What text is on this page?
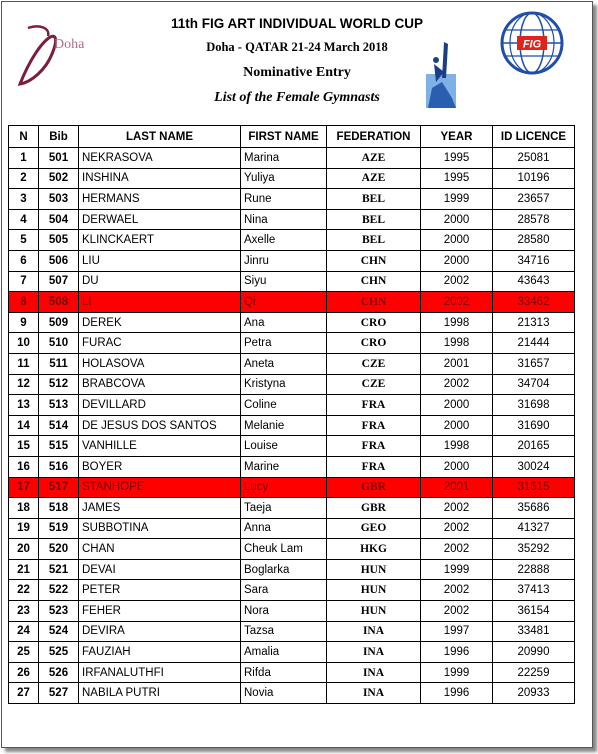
Doha	FIG
11th FIG ART INDIVIDUAL WORLD CUP
Doha - QATAR 21-24 March 2018
Nominative Entry
List of the Female Gymnasts
N	Bib	LAST NAME	FIRST NAME	FEDERATION	YEAR	ID LICENCE
1	501	NEKRASOVA	Marina	AZE	1995	25081
2	502	INSHINA	Yuliya	AZE	1995	10196
3	503	HERMANS	Rune	BEL	1999	23657
4	504	DERWAEL	Nina	BEL	2000	28578
5	505	KLINCKAERT	Axelle	BEL	2000	28580
6	506	LIU	Jinru	CHN	2000	34716
7	507	DU	Siyu	CHN	2002	43643
8	508	LI	Qi	CHN	2002	33462
9	509	DEREK	Ana	CRO	1998	21313
10	510	FURAC	Petra	CRO	1998	21444
11	511	HOLASOVA	Aneta	CZE	2001	31657
12	512	BRABCOVA	Kristyna	CZE	2002	34704
13	513	DEVILLARD	Coline	FRA	2000	31698
14	514	DE JESUS DOS SANTOS	Melanie	FRA	2000	31690
15	515	VANHILLE	Louise	FRA	1998	20165
16	516	BOYER	Marine	FRA	2000	30024
17	517	STANHOPE	Lucy	GBR	2001	31615
18	518	JAMES	Taeja	GBR	2002	35686
19	519	SUBBOTINA	Anna	GEO	2002	41327
20	520	CHAN	Cheuk Lam	HKG	2002	35292
21	521	DEVAI	Boglarka	HUN	1999	22888
22	522	PETER	Sara	HUN	2002	37413
23	523	FEHER	Nora	HUN	2002	36154
24	524	DEVIRA	Tazsa	INA	1997	33481
25	525	FAUZIAH	Amalia	INA	1996	20990
26	526	IRFANALUTHFI	Rifda	INA	1999	22259
27	527	NABILA PUTRI	Novia	INA	1996	20933
